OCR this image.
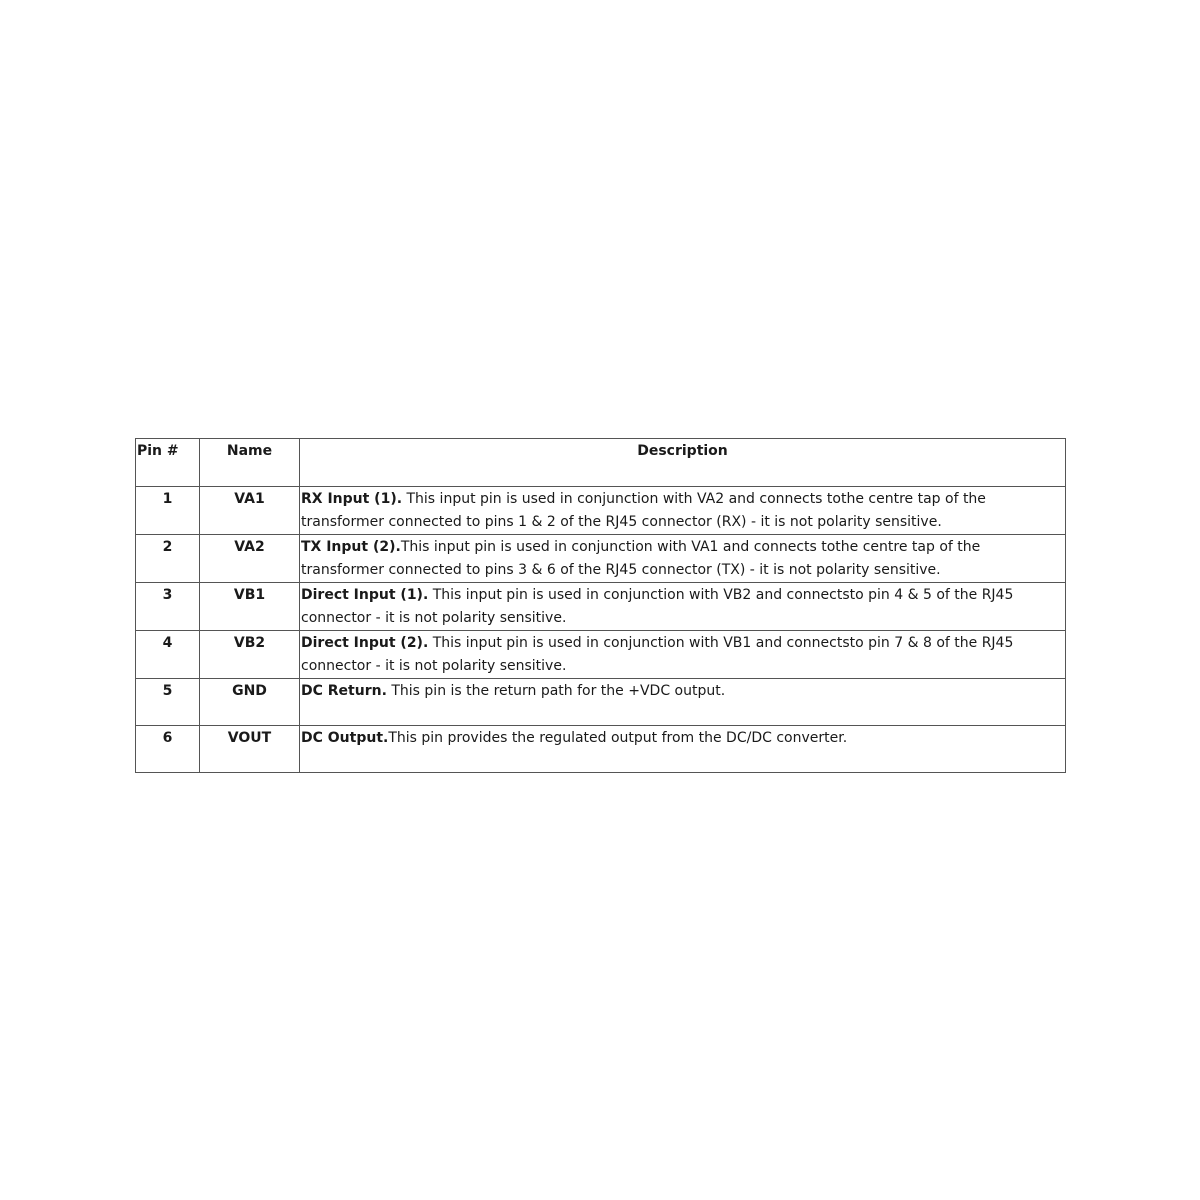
Pin #	Name	Description
1	VA1	RX Input (1). This input pin is used in conjunction with VA2 and connects tothe centre tap of the transformer connected to pins 1 & 2 of the RJ45 connector (RX) - it is not polarity sensitive.
2	VA2	TX Input (2).This input pin is used in conjunction with VA1 and connects tothe centre tap of the transformer connected to pins 3 & 6 of the RJ45 connector (TX) - it is not polarity sensitive.
3	VB1	Direct Input (1). This input pin is used in conjunction with VB2 and connectsto pin 4 & 5 of the RJ45 connector - it is not polarity sensitive.
4	VB2	Direct Input (2). This input pin is used in conjunction with VB1 and connectsto pin 7 & 8 of the RJ45 connector - it is not polarity sensitive.
5	GND	DC Return. This pin is the return path for the +VDC output.
6	VOUT	DC Output.This pin provides the regulated output from the DC/DC converter.
